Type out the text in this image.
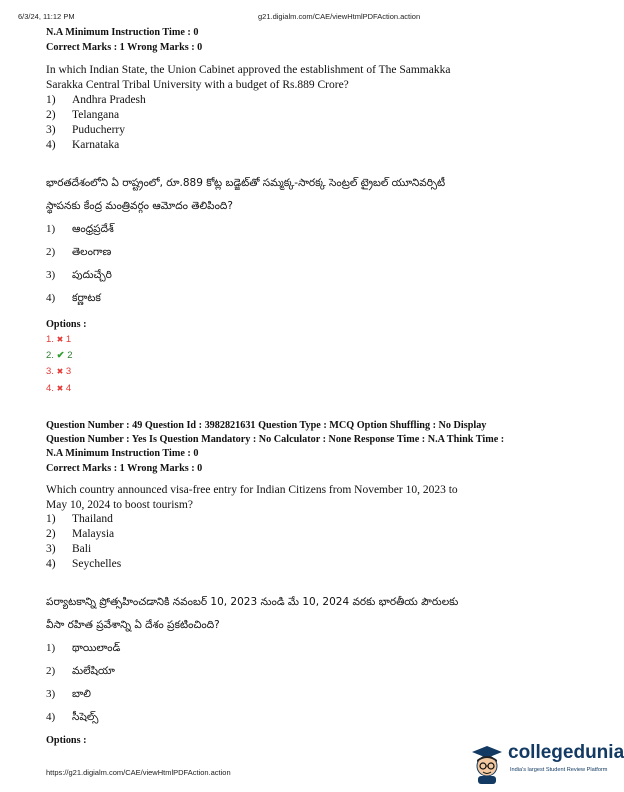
6/3/24, 11:12 PM	g21.digialm.com/CAE/viewHtmlPDFAction.action
N.A Minimum Instruction Time : 0
Correct Marks : 1 Wrong Marks : 0
In which Indian State, the Union Cabinet approved the establishment of The Sammakka
Sarakka Central Tribal University with a budget of Rs.889 Crore?
1) Andhra Pradesh
2) Telangana
3) Puducherry
4) Karnataka
భారతదేశంలోని ఏ రాష్ట్రంలో, రూ.889 కోట్ల బడ్జెట్‌తో సమ్మక్క-సారక్క సెంట్రల్ ట్రైబల్ యూనివర్సిటీ
స్థాపనకు కేంద్ర మంత్రివర్గం ఆమోదం తెలిపింది?
1) ఆంధ్రప్రదేశ్
2) తెలంగాణ
3) పుదుచ్చేరి
4) కర్ణాటక
Options :
1. ✖ 1
2. ✔ 2
3. ✖ 3
4. ✖ 4
Question Number : 49 Question Id : 3982821631 Question Type : MCQ Option Shuffling : No Display
Question Number : Yes Is Question Mandatory : No Calculator : None Response Time : N.A Think Time :
N.A Minimum Instruction Time : 0
Correct Marks : 1 Wrong Marks : 0
Which country announced visa-free entry for Indian Citizens from November 10, 2023 to
May 10, 2024 to boost tourism?
1) Thailand
2) Malaysia
3) Bali
4) Seychelles
పర్యాటకాన్ని ప్రోత్సహించడానికి నవంబర్ 10, 2023 నుండి మే 10, 2024 వరకు భారతీయ పౌరులకు
వీసా రహిత ప్రవేశాన్ని ఏ దేశం ప్రకటించింది?
1) థాయిలాండ్
2) మలేషియా
3) బాలి
4) సీషెల్స్
Options :
https://g21.digialm.com/CAE/viewHtmlPDFAction.action
collegedunia
India's largest Student Review Platform
